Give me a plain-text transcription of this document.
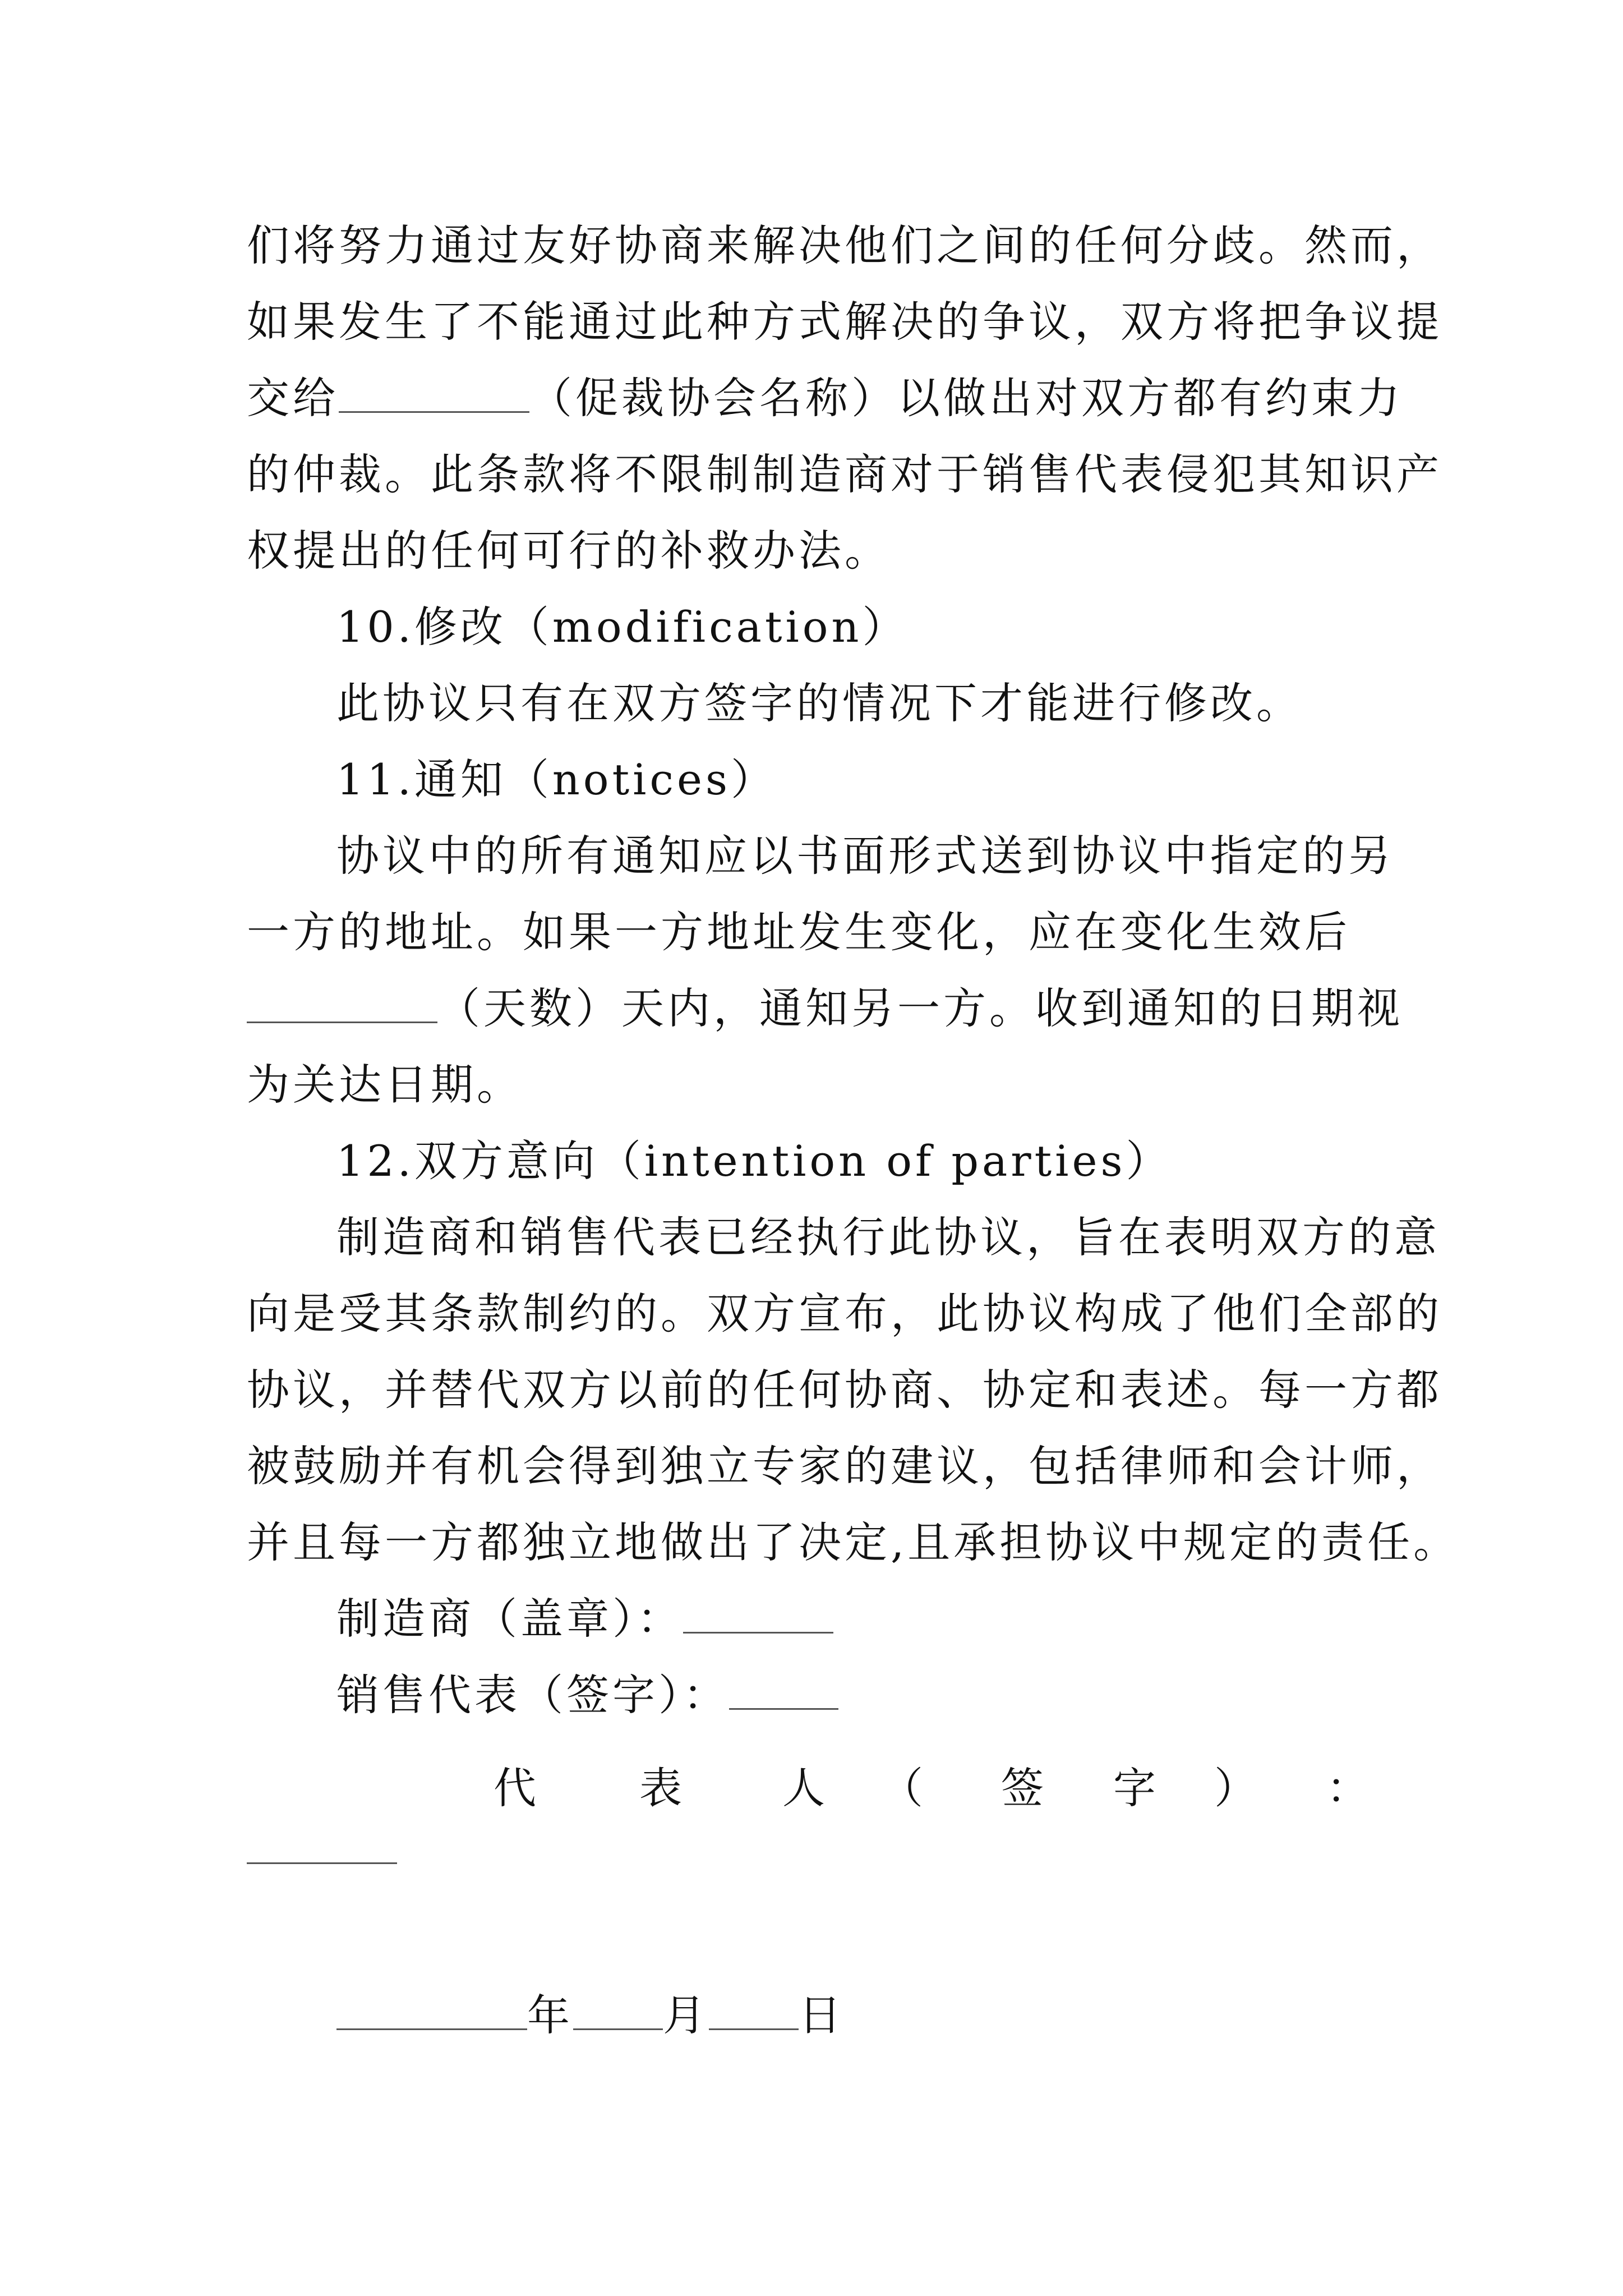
们将努力通过友好协商来解决他们之间的任何分歧。然而，
如果发生了不能通过此种方式解决的争议，双方将把争议提
交给	（促裁协会名称）以做出对双方都有约束力
的仲裁。此条款将不限制制造商对于销售代表侵犯其知识产
权提出的任何可行的补救办法。
10.修改（modification）
此协议只有在双方签字的情况下才能进行修改。
11.通知（notices）
协议中的所有通知应以书面形式送到协议中指定的另
一方的地址。如果一方地址发生变化，应在变化生效后
（天数）天内，通知另一方。收到通知的日期视
为关达日期。
12.双方意向（intention of parties）
制造商和销售代表已经执行此协议，旨在表明双方的意
向是受其条款制约的。双方宣布，此协议构成了他们全部的
协议，并替代双方以前的任何协商、协定和表述。每一方都
被鼓励并有机会得到独立专家的建议，包括律师和会计师，
并且每一方都独立地做出了决定,且承担协议中规定的责任。
制造商（盖章）：
销售代表（签字）：
代 表 人 （ 签 字 ） ：
年 月 日
